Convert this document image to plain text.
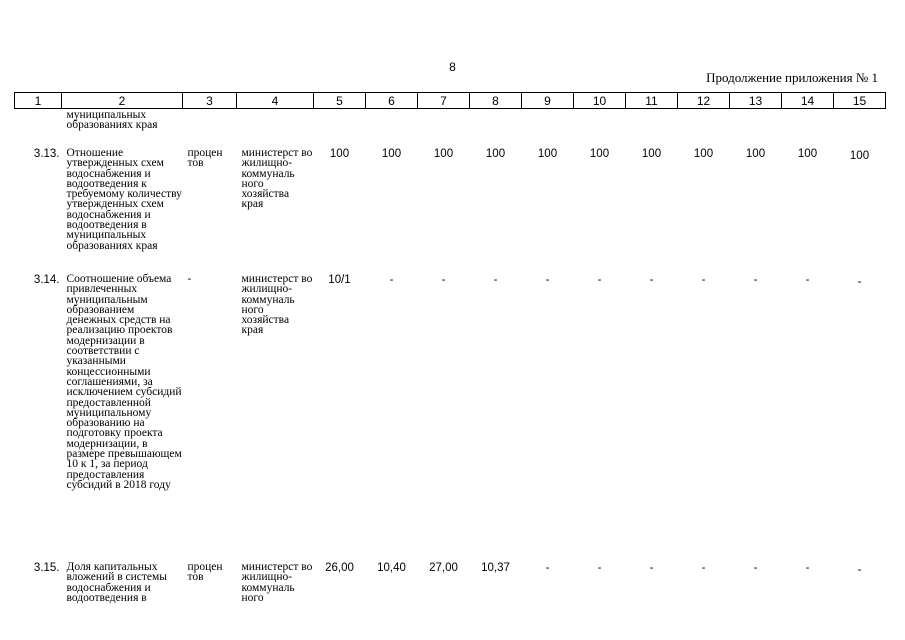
8
Продолжение приложения № 1
1	2	3	4	5	6	7	8	9	10	11	12	13	14	15
	муниципальных образованиях края													
3.13.	Отношение утвержденных схем водоснабжения и водоотведения к требуемому количеству утвержденных схем водоснабжения и водоотведения в муниципальных образованиях края	процен тов	министерст во жилищно-коммуналь ного хозяйства края	100	100	100	100	100	100	100	100	100	100	100
3.14.	Соотношение объема привлеченных муниципальным образованием денежных средств на реализацию проектов модернизации в соответствии с указанными концессионными соглашениями, за исключением субсидий предоставленной муниципальному образованию на подготовку проекта модернизации, в размере превышающем 10 к 1, за период предоставления субсидий в 2018 году	-	министерст во жилищно-коммуналь ного хозяйства края	10/1	-	-	-	-	-	-	-	-	-	-
3.15.	Доля капитальных вложений в системы водоснабжения и водоотведения в	процен тов	министерст во жилищно-коммуналь ного	26,00	10,40	27,00	10,37	-	-	-	-	-	-	-
